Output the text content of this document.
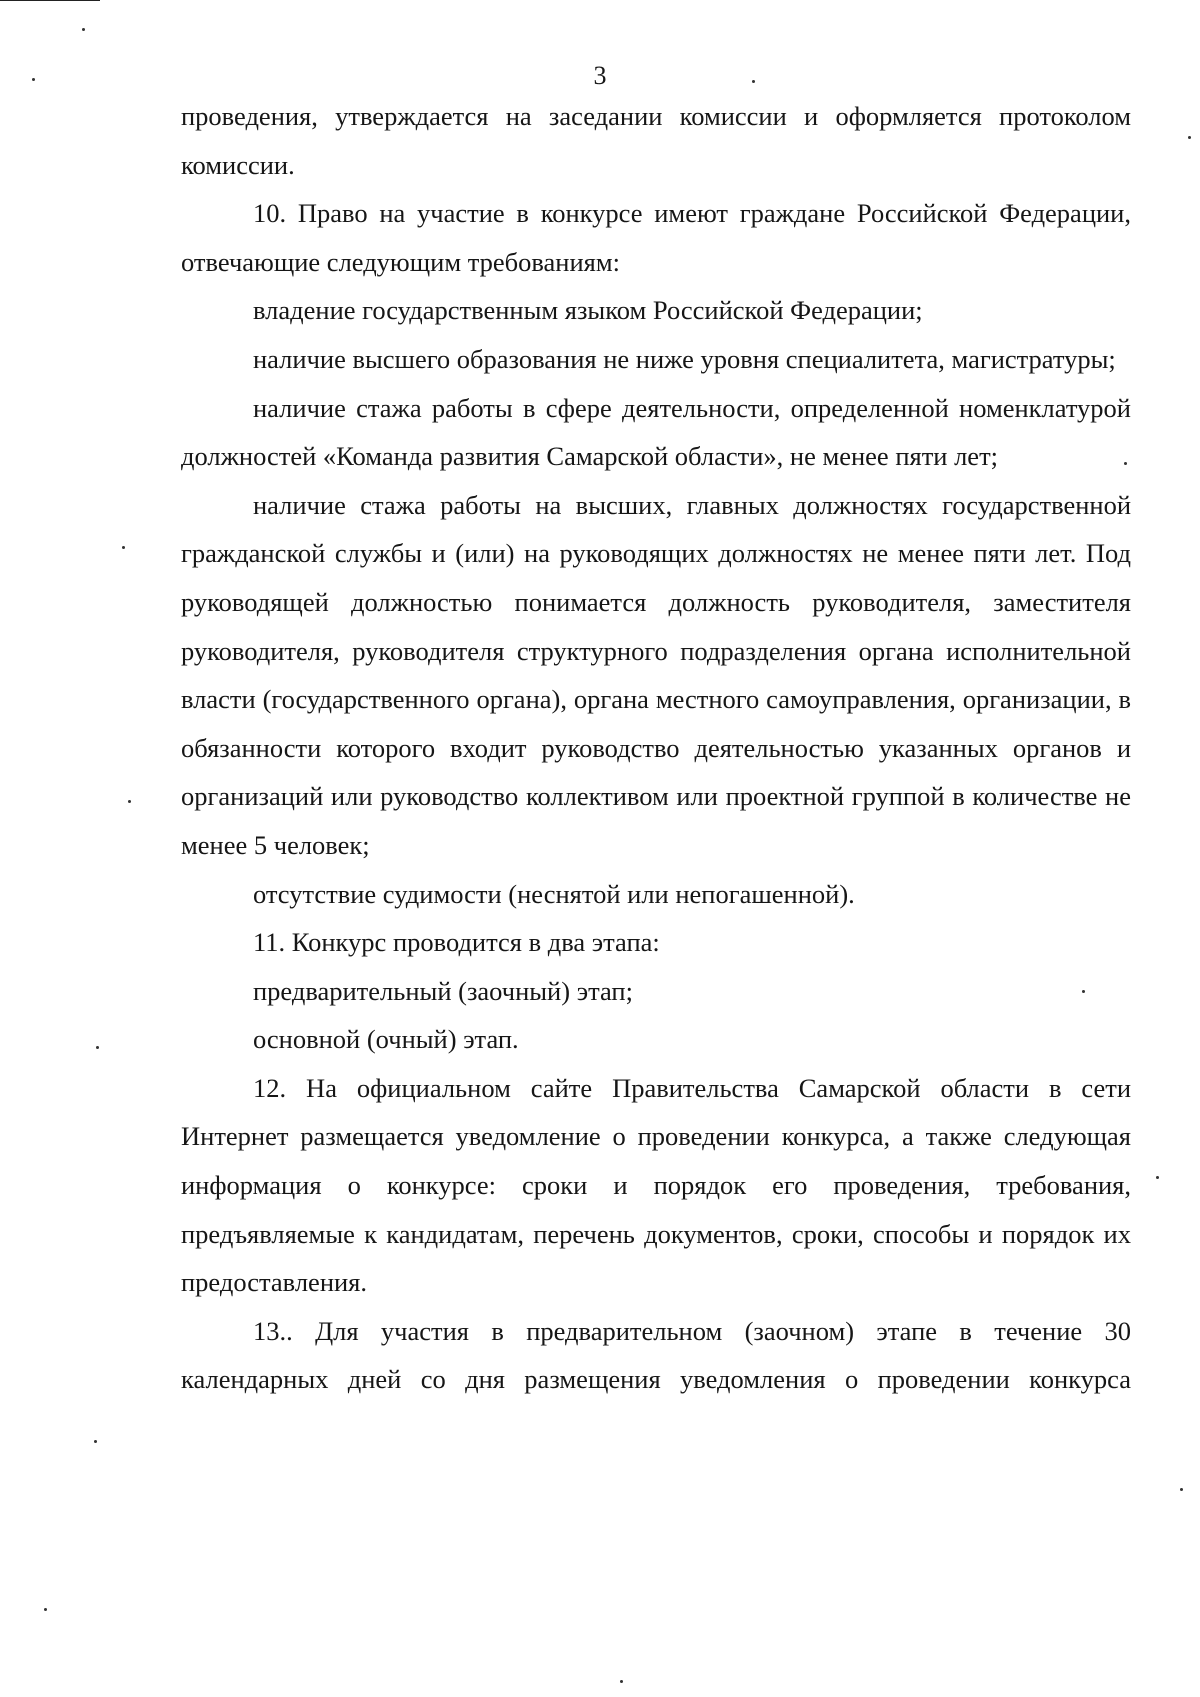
3

проведения, утверждается на заседании комиссии и оформляется протоколом комиссии.

10. Право на участие в конкурсе имеют граждане Российской Федерации, отвечающие следующим требованиям:

владение государственным языком Российской Федерации;

наличие высшего образования не ниже уровня специалитета, магистратуры;

наличие стажа работы в сфере деятельности, определенной номенклатурой должностей «Команда развития Самарской области», не менее пяти лет;

наличие стажа работы на высших, главных должностях государственной гражданской службы и (или) на руководящих должностях не менее пяти лет. Под руководящей должностью понимается должность руководителя, заместителя руководителя, руководителя структурного подразделения органа исполнительной власти (государственного органа), органа местного самоуправления, организации, в обязанности которого входит руководство деятельностью указанных органов и организаций или руководство коллективом или проектной группой в количестве не менее 5 человек;

отсутствие судимости (неснятой или непогашенной).

11. Конкурс проводится в два этапа:

предварительный (заочный) этап;

основной (очный) этап.

12. На официальном сайте Правительства Самарской области в сети Интернет размещается уведомление о проведении конкурса, а также следующая информация о конкурсе: сроки и порядок его проведения, требования, предъявляемые к кандидатам, перечень документов, сроки, способы и порядок их предоставления.

13.. Для участия в предварительном (заочном) этапе в течение 30 календарных дней со дня размещения уведомления о проведении конкурса
